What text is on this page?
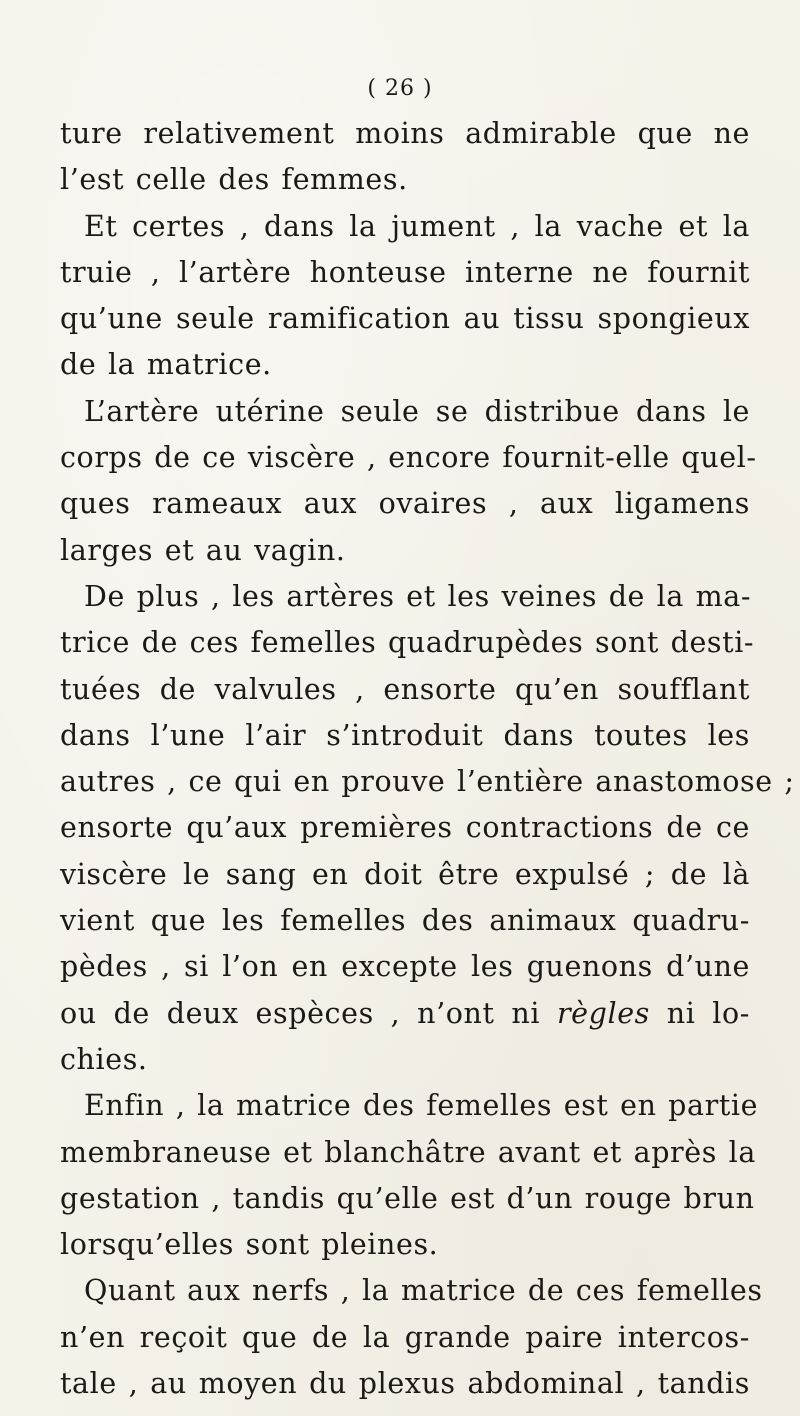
( 26 )
ture relativement moins admirable que ne
l’est celle des femmes.
Et certes , dans la jument , la vache et la
truie , l’artère honteuse interne ne fournit
qu’une seule ramification au tissu spongieux
de la matrice.
L’artère utérine seule se distribue dans le
corps de ce viscère , encore fournit-elle quel-
ques rameaux aux ovaires , aux ligamens
larges et au vagin.
De plus , les artères et les veines de la ma-
trice de ces femelles quadrupèdes sont desti-
tuées de valvules , ensorte qu’en soufflant
dans l’une l’air s’introduit dans toutes les
autres , ce qui en prouve l’entière anastomose ;
ensorte qu’aux premières contractions de ce
viscère le sang en doit être expulsé ; de là
vient que les femelles des animaux quadru-
pèdes , si l’on en excepte les guenons d’une
ou de deux espèces , n’ont ni règles ni lo-
chies.
Enfin , la matrice des femelles est en partie
membraneuse et blanchâtre avant et après la
gestation , tandis qu’elle est d’un rouge brun
lorsqu’elles sont pleines.
Quant aux nerfs , la matrice de ces femelles
n’en reçoit que de la grande paire intercos-
tale , au moyen du plexus abdominal , tandis
